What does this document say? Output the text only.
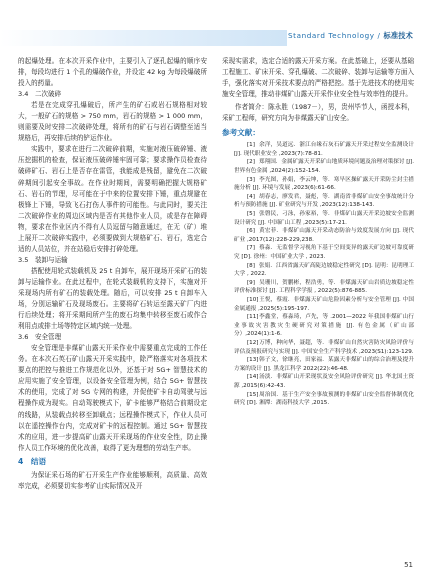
Standard Technology / 标准技术

的起爆处理。在本次开采作业中，主要引入了逐孔起爆的顺序安排，每段均进行 1 个孔的爆破作业，并设定 42 kg 为每段爆破所投入的药量。

3.4　二次破碎

若是在完成穿孔爆破后，所产生的矿石或岩石规格相对较大，一般矿石的规格 > 750 mm，岩石的规格 > 1 000 mm，则需要及时安排二次破碎处理，将所有的矿石与岩石调整至适当规格后，再安排后续的铲运作业。

实践中，要求在进行二次破碎前期，实施对液压破碎锤、液压挖掘机的检查，保证液压破碎锤牢固可靠；要求操作员检查待破碎矿石、岩石上是否存在雷管，我能成是残留，避免在二次破碎期间引起安全事故。在作业时期间，需要明确把握大规格矿石、岩石的节理，尽可能在于中来的位置安排下锤，重点规避在极锋上下锤，导致飞石打伤人事件的可能性。与此同时，要关注二次破碎作业的周边区域内是否有其他作业人员，或是存在障碍物，要求在作业区内不得有人员逗留与随意通过，在无（矿）堆上展开二次破碎实践中，必须要做到大规格矿石、岩石，选定合适的人员站位，并在站稳后安排打碎处理。

3.5　装卸与运输

搭配使用轮式装载机及 25 t 自卸车，展开现场开采矿石的装卸与运输作业。在此过程中，在轮式装载机的支持下，实施对开采现场内所有矿石的装载处理。随后，可以安排 25 t 自卸车入场，分别运输矿石及现场废石。主要将矿石转运至露天矿厂内进行后续处理；将开采期间所产生的废石均集中转移至废石或作合利用点或排土场等特定区域内统一处理。

3.6　安全管理

安全管理是非煤矿山露天开采作业中需要重点完成的工作任务。在本次石英石矿山露天开采实践中，除严格落实对各项技术要点的把控与推进工作规范化以外，还基于对 5G+ 智慧技术的应用实施了安全管理，以设备安全管理为例，结合 5G+ 智慧技术的使用，完成了对 5G 专网的构建，并促使矿卡自动驾驶与远程操作成为现实。自动驾驶模式下，矿卡能够严格结合前期设定的线路，从装载点转移至卸载点；远程操作模式下，作业人员可以在遥控操作台内，完成对矿卡的远程控制。通过 5G+ 智慧技术的应用，进一步提高矿山露天开采现场的作业安全性，防止操作人员工作环境的优化改善，取得了更为理想的劳动生产率。

4　结语

为保证采石场的矿石开采生产作业能够顺利，高质量、高效率完成，必须要切实参考矿山实际情况及开

采现实需求，选定合适的露天开采方案。在此基础上，还要从基础工程施工、矿床开采、穿孔爆破、二次破碎、装卸与运输等方面入手，强化落实对开采技术要点的严格把控。基于先进技术的使用实施安全管理，推动非煤矿山露天开采作业安全性与效率性的提升。

作者简介：陈永胜（1987－），男，贵州毕节人，函授本科，采矿工程师，研究方向为非煤露天矿山安全。

参考文献：

[1] 余洋，吴道远．浙江台缘石灰石矿露天开采过程安全监测设计 [J]. 现代职业安全 ,2023(7):78-81.

[2] 郑翔国．金属矿露天开采矿山地质环境问题及治理对策探讨 [J]. 世界有色金属 ,2024(2):152-154.

[3] 李光图，孙娟，李云坤，等．寒旱区操矿露天开采防尘封尘措施分析 [J]. 环境与发展 ,2023(6):61-66.

[4] 胡春志，廖发君，聂彪，等．湖南省非煤矿山安全事故统计分析与预防措施 [J]. 矿业研究与开发 ,2023(12):138-143.

[5] 张磐民，刁泳，孙家裕，等．非煤矿山露天开采边坡安全监测设计研究 [J]. 中国矿山工程 ,2023(5):17-21.

[6] 黄宏菲．非煤矿山露天开采动态防治与效度发展方向 [J]. 现代矿业 ,2017(12):228-229,238.

[7] 蔡淼．无监督学习视角下基于空间变异的露天矿边坡可靠度研究 [D]. 徐州：中国矿业大学 , 2023.

[8] 张娟．江西省露天矿高陡边坡稳定性研究 [D]. 昆明：昆明理工大学 , 2022.

[9] 吴珊川，贺鹏彬，程浩勇，等．非煤露天矿山岩质边坡稳定性评价标准探讨 [J]. 工程科学学报 , 2022(5):876-885.

[10]王悦，蔡霞．非煤露天矿山危险因素分析与安全管理 [J]. 中国金属通报 ,2025(5):195-197.

[11]李鑫堂，蔡淼琦，卢先，等 .2001—2022 年我国非煤矿山行业事故灾害教灾生硬研究对策措施 [J]. 有色金属（矿山部分）,2024(1):1-6.

[12]万博，种向华，聂超，等．非煤矿山自然灾害防灾风险评价与评估及预报研究与实现 [J]. 中国安全生产科学技术 ,2023(S1):123-129.

[13]韩子文，徐继亮，田家福．某露天非煤矿山的综合治理及提升方案的设计 [J]. 黑龙江科学 2022(22):46-48.

[14]汤淡．非煤矿山开采现状及安全风险评价研究 [J]. 华北国土资源 ,2015(6):42-43.

[15]周治国．基于生产安全事故预测的非煤矿山安全监督体制优化研究 [D]. 湘潭：湖南科技大学 ,2015.

51
